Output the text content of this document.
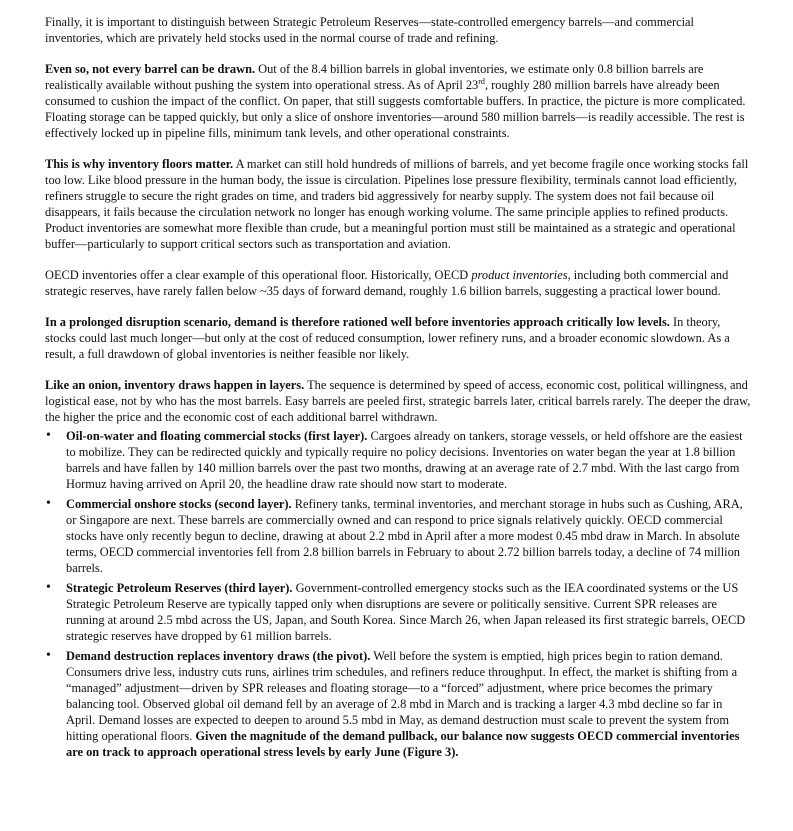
Finally, it is important to distinguish between Strategic Petroleum Reserves—state-controlled emergency barrels—and commercial inventories, which are privately held stocks used in the normal course of trade and refining.

Even so, not every barrel can be drawn. Out of the 8.4 billion barrels in global inventories, we estimate only 0.8 billion barrels are realistically available without pushing the system into operational stress. As of April 23rd, roughly 280 million barrels have already been consumed to cushion the impact of the conflict. On paper, that still suggests comfortable buffers. In practice, the picture is more complicated. Floating storage can be tapped quickly, but only a slice of onshore inventories—around 580 million barrels—is readily accessible. The rest is effectively locked up in pipeline fills, minimum tank levels, and other operational constraints.

This is why inventory floors matter. A market can still hold hundreds of millions of barrels, and yet become fragile once working stocks fall too low. Like blood pressure in the human body, the issue is circulation. Pipelines lose pressure flexibility, terminals cannot load efficiently, refiners struggle to secure the right grades on time, and traders bid aggressively for nearby supply. The system does not fail because oil disappears, it fails because the circulation network no longer has enough working volume. The same principle applies to refined products. Product inventories are somewhat more flexible than crude, but a meaningful portion must still be maintained as a strategic and operational buffer—particularly to support critical sectors such as transportation and aviation.

OECD inventories offer a clear example of this operational floor. Historically, OECD product inventories, including both commercial and strategic reserves, have rarely fallen below ~35 days of forward demand, roughly 1.6 billion barrels, suggesting a practical lower bound.

In a prolonged disruption scenario, demand is therefore rationed well before inventories approach critically low levels. In theory, stocks could last much longer—but only at the cost of reduced consumption, lower refinery runs, and a broader economic slowdown. As a result, a full drawdown of global inventories is neither feasible nor likely.

Like an onion, inventory draws happen in layers. The sequence is determined by speed of access, economic cost, political willingness, and logistical ease, not by who has the most barrels. Easy barrels are peeled first, strategic barrels later, critical barrels rarely. The deeper the draw, the higher the price and the economic cost of each additional barrel withdrawn.

• Oil-on-water and floating commercial stocks (first layer). Cargoes already on tankers, storage vessels, or held offshore are the easiest to mobilize. They can be redirected quickly and typically require no policy decisions. Inventories on water began the year at 1.8 billion barrels and have fallen by 140 million barrels over the past two months, drawing at an average rate of 2.7 mbd. With the last cargo from Hormuz having arrived on April 20, the headline draw rate should now start to moderate.
• Commercial onshore stocks (second layer). Refinery tanks, terminal inventories, and merchant storage in hubs such as Cushing, ARA, or Singapore are next. These barrels are commercially owned and can respond to price signals relatively quickly. OECD commercial stocks have only recently begun to decline, drawing at about 2.2 mbd in April after a more modest 0.45 mbd draw in March. In absolute terms, OECD commercial inventories fell from 2.8 billion barrels in February to about 2.72 billion barrels today, a decline of 74 million barrels.
• Strategic Petroleum Reserves (third layer). Government-controlled emergency stocks such as the IEA coordinated systems or the US Strategic Petroleum Reserve are typically tapped only when disruptions are severe or politically sensitive. Current SPR releases are running at around 2.5 mbd across the US, Japan, and South Korea. Since March 26, when Japan released its first strategic barrels, OECD strategic reserves have dropped by 61 million barrels.
• Demand destruction replaces inventory draws (the pivot). Well before the system is emptied, high prices begin to ration demand. Consumers drive less, industry cuts runs, airlines trim schedules, and refiners reduce throughput. In effect, the market is shifting from a “managed” adjustment—driven by SPR releases and floating storage—to a “forced” adjustment, where price becomes the primary balancing tool. Observed global oil demand fell by an average of 2.8 mbd in March and is tracking a larger 4.3 mbd decline so far in April. Demand losses are expected to deepen to around 5.5 mbd in May, as demand destruction must scale to prevent the system from hitting operational floors. Given the magnitude of the demand pullback, our balance now suggests OECD commercial inventories are on track to approach operational stress levels by early June (Figure 3).
